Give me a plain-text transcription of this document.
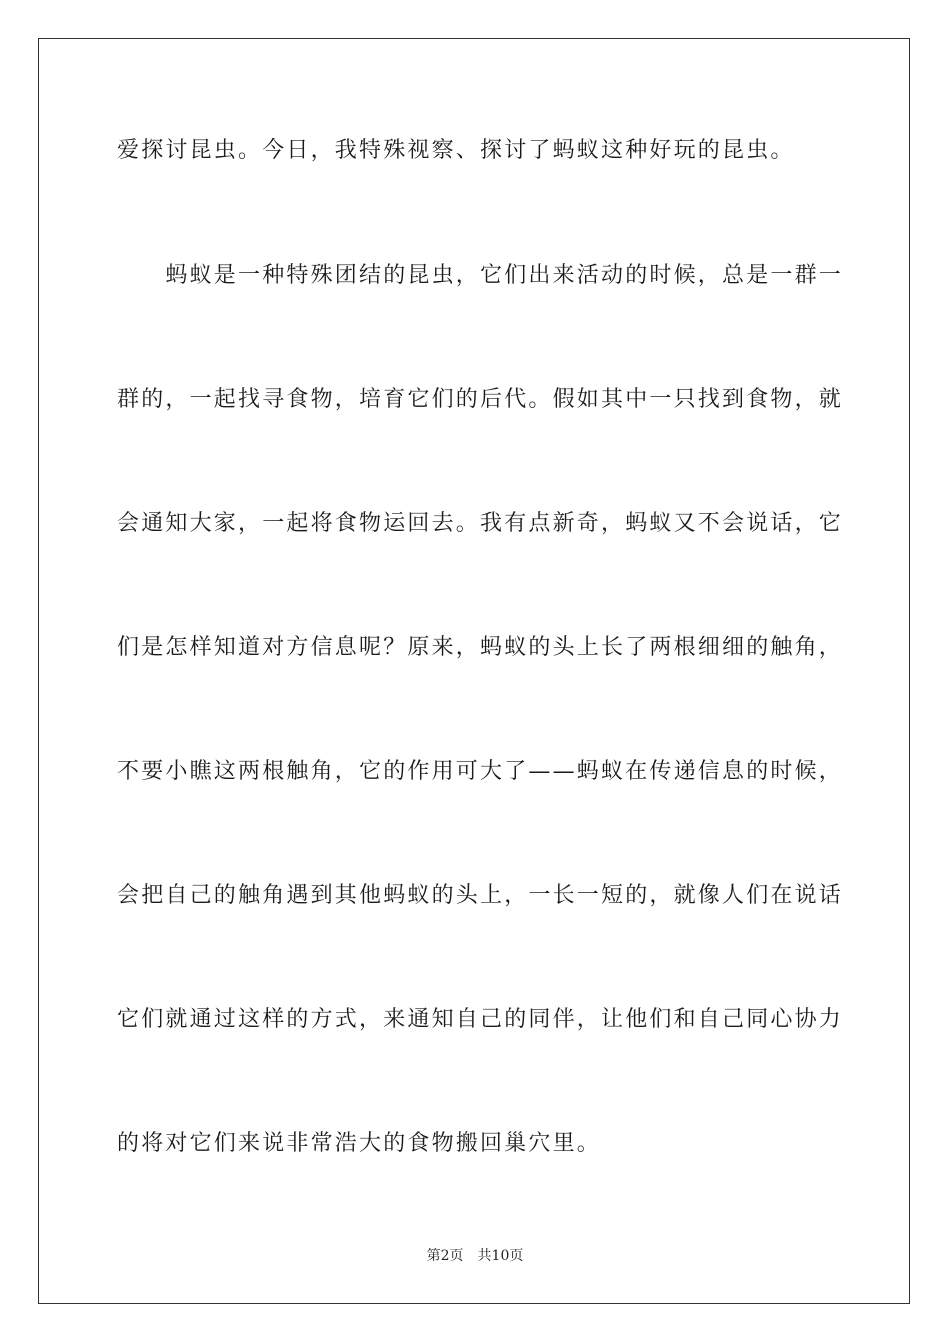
爱探讨昆虫。今日，我特殊视察、探讨了蚂蚁这种好玩的昆虫。
　　蚂蚁是一种特殊团结的昆虫，它们出来活动的时候，总是一群一
群的，一起找寻食物，培育它们的后代。假如其中一只找到食物，就
会通知大家，一起将食物运回去。我有点新奇，蚂蚁又不会说话，它
们是怎样知道对方信息呢？原来，蚂蚁的头上长了两根细细的触角，
不要小瞧这两根触角，它的作用可大了——蚂蚁在传递信息的时候，
会把自己的触角遇到其他蚂蚁的头上，一长一短的，就像人们在说话
它们就通过这样的方式，来通知自己的同伴，让他们和自己同心协力
的将对它们来说非常浩大的食物搬回巢穴里。
第2页　共10页
